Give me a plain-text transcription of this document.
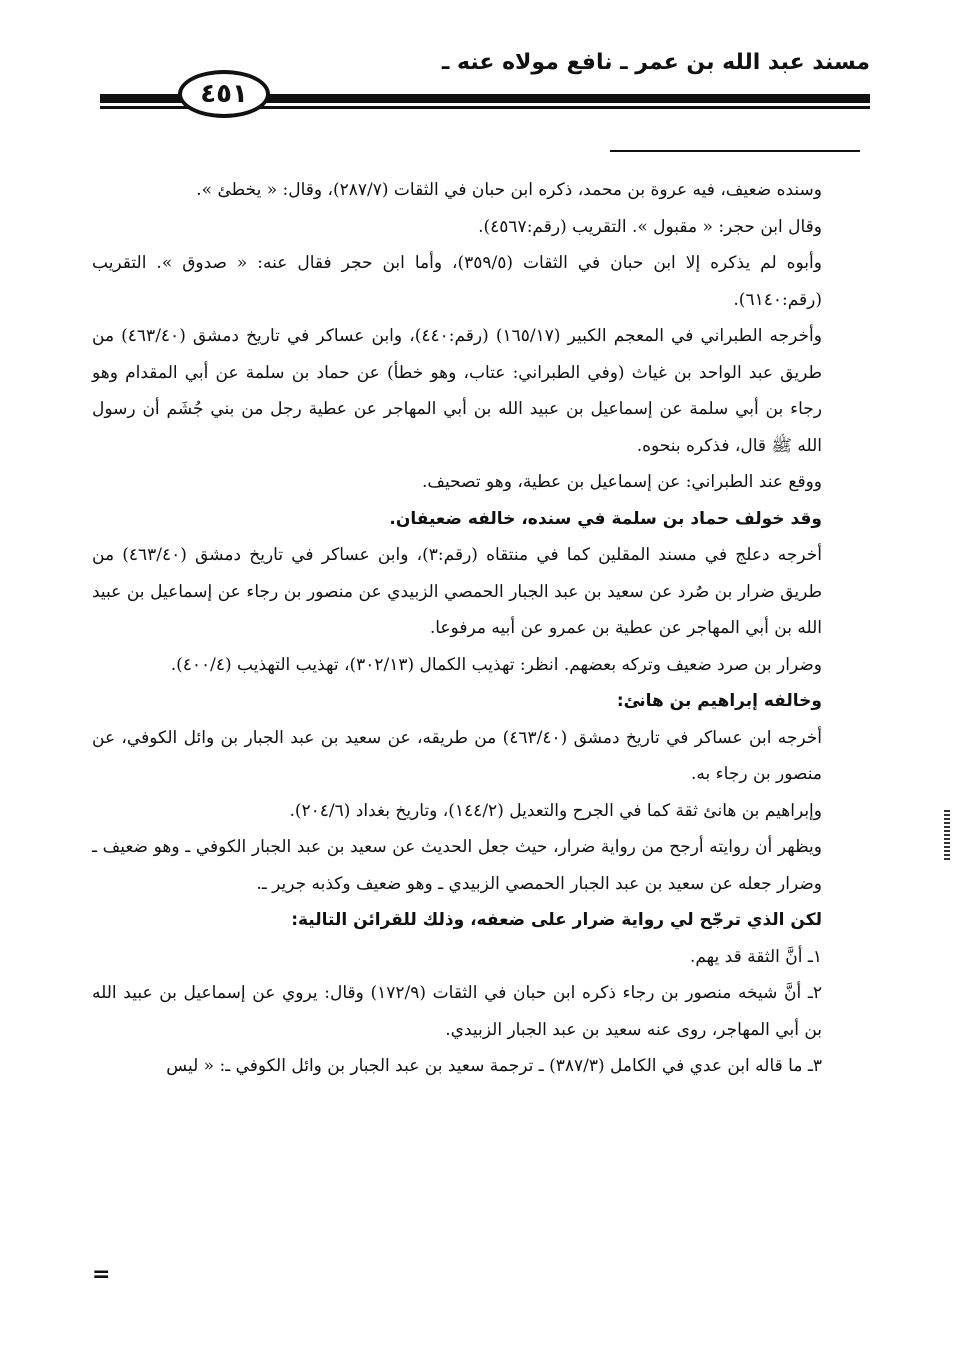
مسند عبد الله بن عمر ـ نافع مولاه عنه ـ
٤٥١

وسنده ضعيف، فيه عروة بن محمد، ذكره ابن حبان في الثقات (٢٨٧/٧)، وقال: « يخطئ ».

وقال ابن حجر: « مقبول ». التقريب (رقم:٤٥٦٧).

وأبوه لم يذكره إلا ابن حبان في الثقات (٣٥٩/٥)، وأما ابن حجر فقال عنه: « صدوق ». التقريب (رقم:٦١٤٠).

وأخرجه الطبراني في المعجم الكبير (١٦٥/١٧) (رقم:٤٤٠)، وابن عساكر في تاريخ دمشق (٤٦٣/٤٠) من طريق عبد الواحد بن غياث (وفي الطبراني: عتاب، وهو خطأ) عن حماد بن سلمة عن أبي المقدام وهو رجاء بن أبي سلمة عن إسماعيل بن عبيد الله بن أبي المهاجر عن عطية رجل من بني جُشَم أن رسول الله ﷺ قال، فذكره بنحوه.

ووقع عند الطبراني: عن إسماعيل بن عطية، وهو تصحيف.

وقد خولف حماد بن سلمة في سنده، خالفه ضعيفان.

أخرجه دعلج في مسند المقلين كما في منتقاه (رقم:٣)، وابن عساكر في تاريخ دمشق (٤٦٣/٤٠) من طريق ضرار بن صُرد عن سعيد بن عبد الجبار الحمصي الزبيدي عن منصور بن رجاء عن إسماعيل بن عبيد الله بن أبي المهاجر عن عطية بن عمرو عن أبيه مرفوعا.

وضرار بن صرد ضعيف وتركه بعضهم. انظر: تهذيب الكمال (٣٠٢/١٣)، تهذيب التهذيب (٤٠٠/٤).

وخالفه إبراهيم بن هانئ:

أخرجه ابن عساكر في تاريخ دمشق (٤٦٣/٤٠) من طريقه، عن سعيد بن عبد الجبار بن وائل الكوفي، عن منصور بن رجاء به.

وإبراهيم بن هانئ ثقة كما في الجرح والتعديل (١٤٤/٢)، وتاريخ بغداد (٢٠٤/٦).

ويظهر أن روايته أرجح من رواية ضرار، حيث جعل الحديث عن سعيد بن عبد الجبار الكوفي ـ وهو ضعيف ـ وضرار جعله عن سعيد بن عبد الجبار الحمصي الزبيدي ـ وهو ضعيف وكذبه جرير ـ.

لكن الذي ترجّح لي رواية ضرار على ضعفه، وذلك للقرائن التالية:

١ـ أنَّ الثقة قد يهم.

٢ـ أنَّ شيخه منصور بن رجاء ذكره ابن حبان في الثقات (١٧٢/٩) وقال: يروي عن إسماعيل بن عبيد الله بن أبي المهاجر، روى عنه سعيد بن عبد الجبار الزبيدي.

٣ـ ما قاله ابن عدي في الكامل (٣٨٧/٣) ـ ترجمة سعيد بن عبد الجبار بن وائل الكوفي ـ: « ليس

=
